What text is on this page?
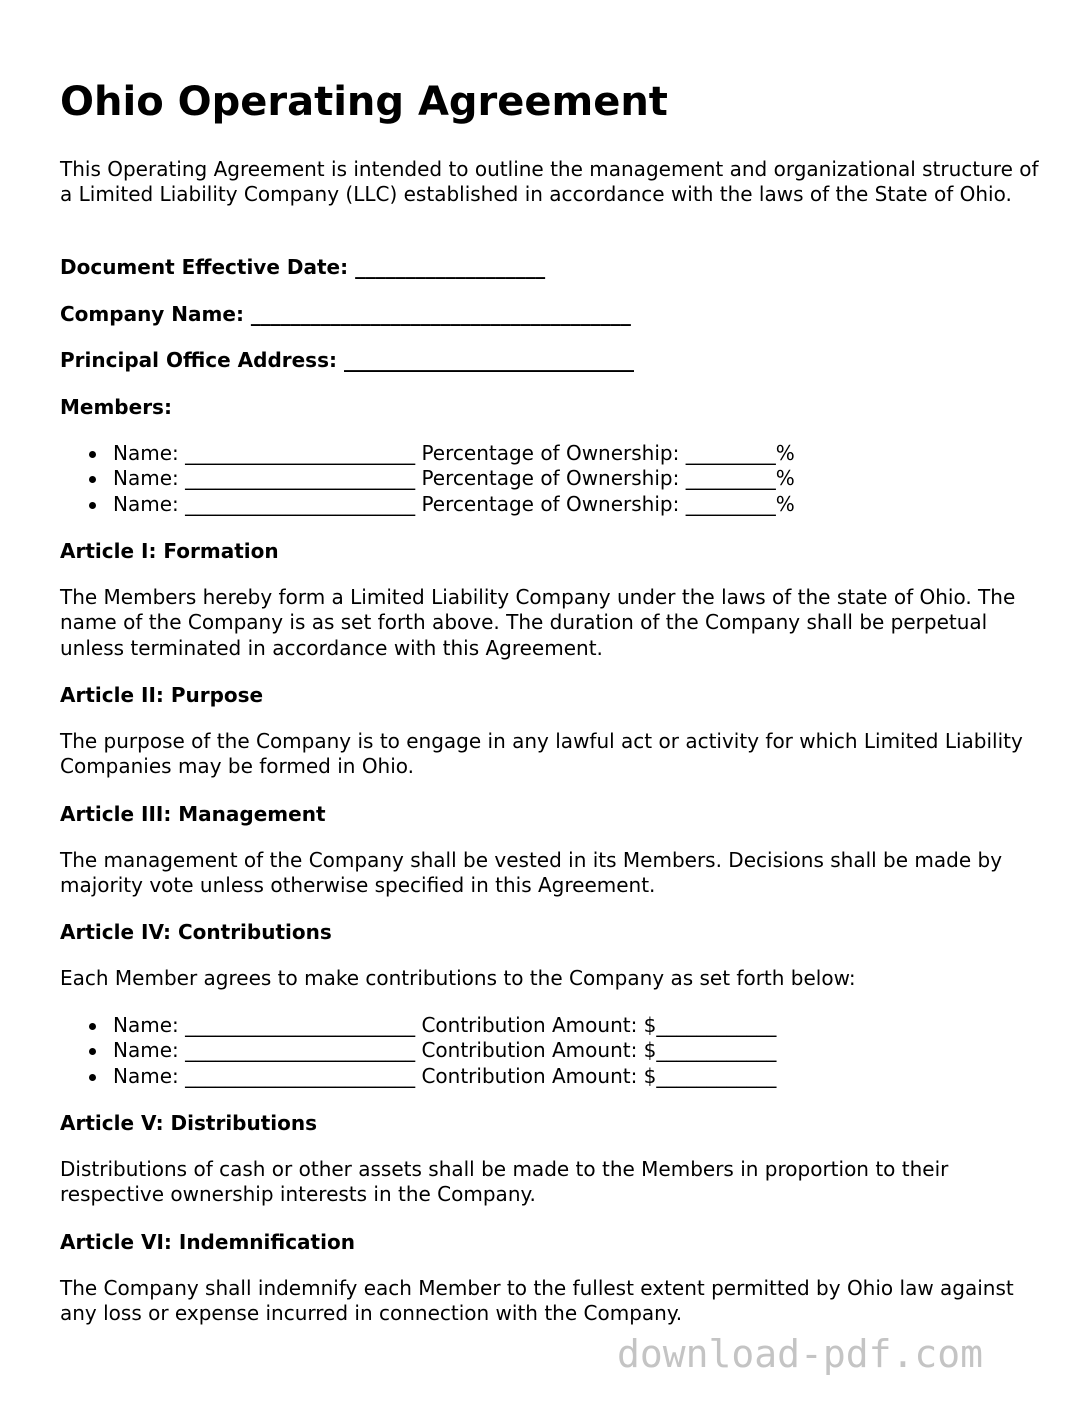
Ohio Operating Agreement

This Operating Agreement is intended to outline the management and organizational structure of a Limited Liability Company (LLC) established in accordance with the laws of the State of Ohio.

Document Effective Date: ___________________

Company Name: ______________________________________

Principal Office Address: _____________________________

Members:

Name: _______________________ Percentage of Ownership: _________%
Name: _______________________ Percentage of Ownership: _________%
Name: _______________________ Percentage of Ownership: _________%

Article I: Formation

The Members hereby form a Limited Liability Company under the laws of the state of Ohio. The name of the Company is as set forth above. The duration of the Company shall be perpetual unless terminated in accordance with this Agreement.

Article II: Purpose

The purpose of the Company is to engage in any lawful act or activity for which Limited Liability Companies may be formed in Ohio.

Article III: Management

The management of the Company shall be vested in its Members. Decisions shall be made by majority vote unless otherwise specified in this Agreement.

Article IV: Contributions

Each Member agrees to make contributions to the Company as set forth below:

Name: _______________________ Contribution Amount: $____________
Name: _______________________ Contribution Amount: $____________
Name: _______________________ Contribution Amount: $____________

Article V: Distributions

Distributions of cash or other assets shall be made to the Members in proportion to their respective ownership interests in the Company.

Article VI: Indemnification

The Company shall indemnify each Member to the fullest extent permitted by Ohio law against any loss or expense incurred in connection with the Company.

download-pdf.com
